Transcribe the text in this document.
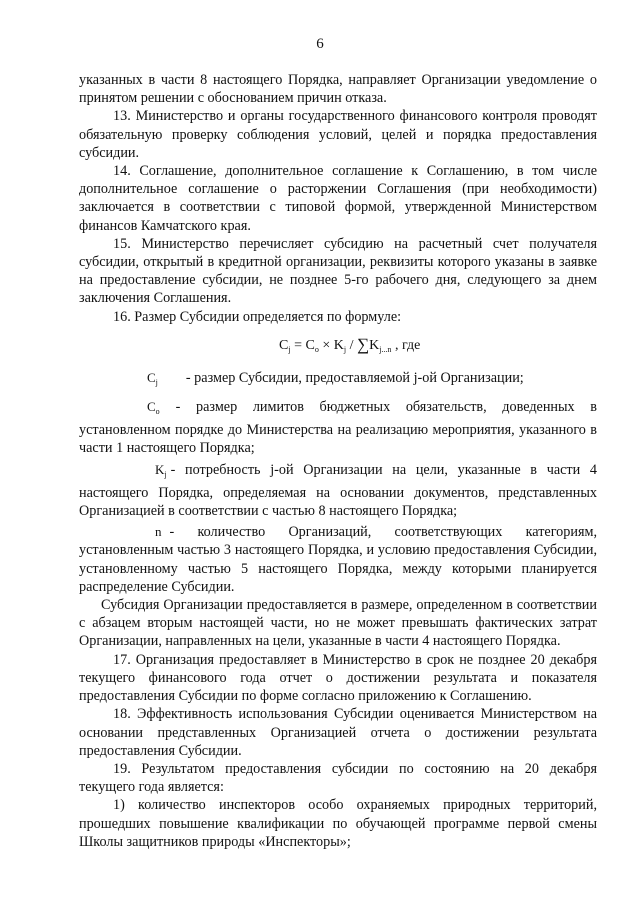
6

указанных в части 8 настоящего Порядка, направляет Организации уведомление о принятом решении с обоснованием причин отказа.

13. Министерство и органы государственного финансового контроля проводят обязательную проверку соблюдения условий, целей и порядка предоставления субсидии.

14. Соглашение, дополнительное соглашение к Соглашению, в том числе дополнительное соглашение о расторжении Соглашения (при необходимости) заключается в соответствии с типовой формой, утвержденной Министерством финансов Камчатского края.

15. Министерство перечисляет субсидию на расчетный счет получателя субсидии, открытый в кредитной организации, реквизиты которого указаны в заявке на предоставление субсидии, не позднее 5-го рабочего дня, следующего за днем заключения Соглашения.

16. Размер Субсидии определяется по формуле:

$C_j = C_o \times K_j / \sum K_{j...n}$ , где

$C_j$ - размер Субсидии, предоставляемой j-ой Организации;

$C_o$ - размер лимитов бюджетных обязательств, доведенных в установленном порядке до Министерства на реализацию мероприятия, указанного в части 1 настоящего Порядка;

$K_j$ - потребность j-ой Организации на цели, указанные в части 4 настоящего Порядка, определяемая на основании документов, представленных Организацией в соответствии с частью 8 настоящего Порядка;

n - количество Организаций, соответствующих категориям, установленным частью 3 настоящего Порядка, и условию предоставления Субсидии, установленному частью 5 настоящего Порядка, между которыми планируется распределение Субсидии.

Субсидия Организации предоставляется в размере, определенном в соответствии с абзацем вторым настоящей части, но не может превышать фактических затрат Организации, направленных на цели, указанные в части 4 настоящего Порядка.

17. Организация предоставляет в Министерство в срок не позднее 20 декабря текущего финансового года отчет о достижении результата и показателя предоставления Субсидии по форме согласно приложению к Соглашению.

18. Эффективность использования Субсидии оценивается Министерством на основании представленных Организацией отчета о достижении результата предоставления Субсидии.

19. Результатом предоставления субсидии по состоянию на 20 декабря текущего года является:

1) количество инспекторов особо охраняемых природных территорий, прошедших повышение квалификации по обучающей программе первой смены Школы защитников природы «Инспекторы»;
